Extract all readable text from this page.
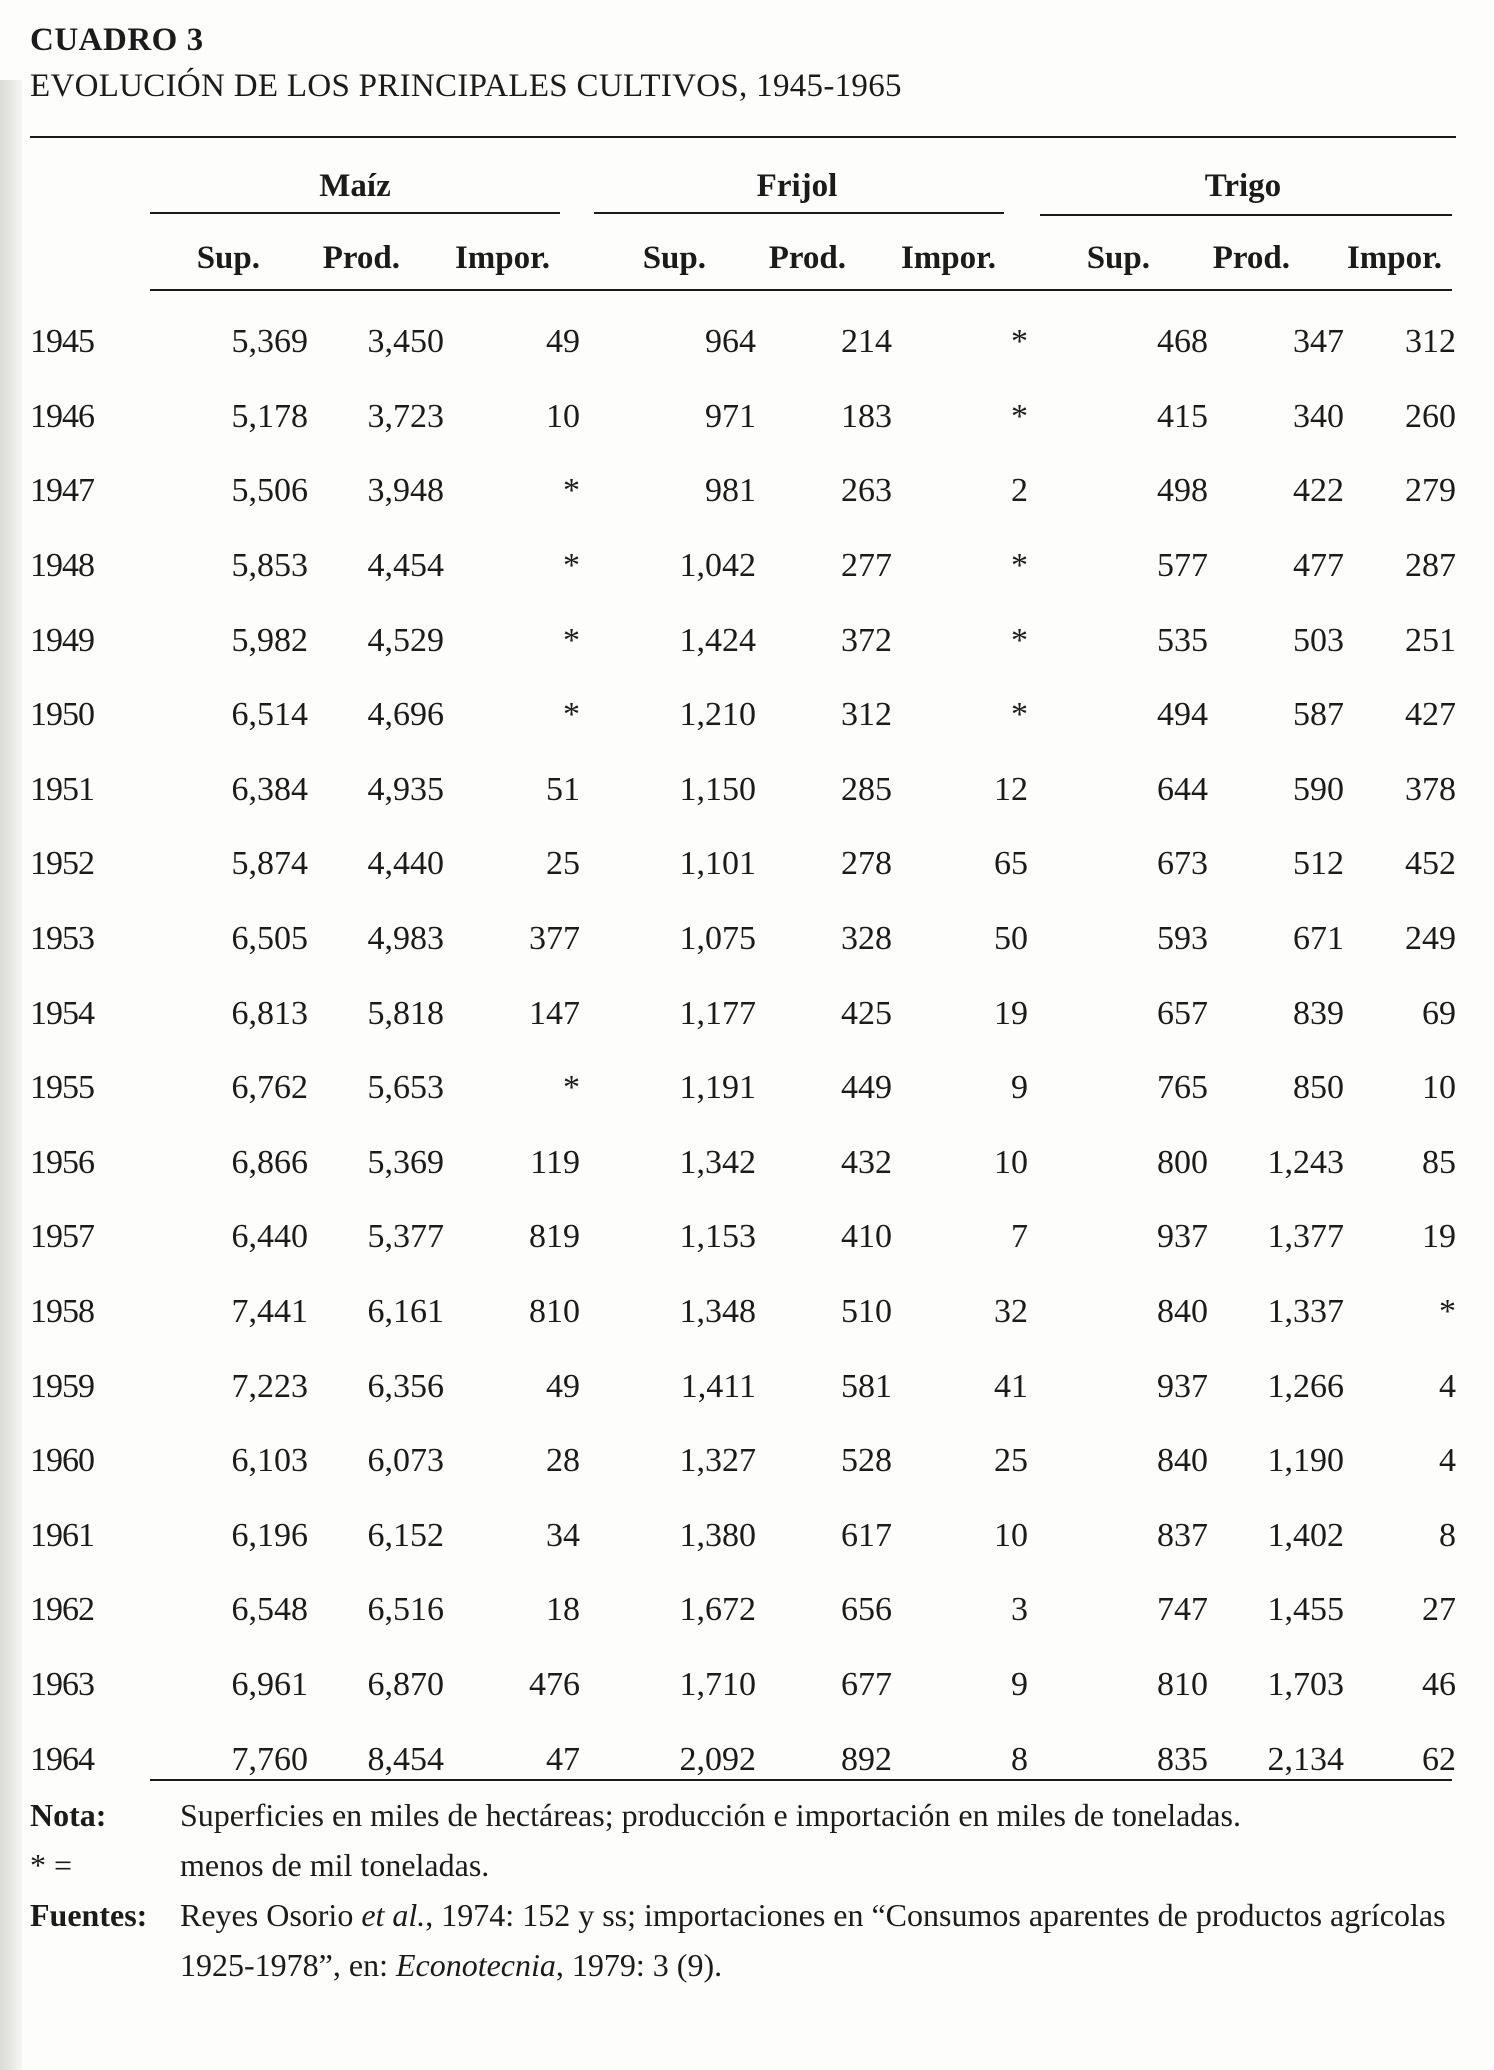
CUADRO 3
EVOLUCIÓN DE LOS PRINCIPALES CULTIVOS, 1945-1965
Maíz	Frijol	Trigo
Sup.	Prod.	Impor.	Sup.	Prod.	Impor.	Sup.	Prod.	Impor.
1945	5,369	3,450	49	964	214	*	468	347	312
1946	5,178	3,723	10	971	183	*	415	340	260
1947	5,506	3,948	*	981	263	2	498	422	279
1948	5,853	4,454	*	1,042	277	*	577	477	287
1949	5,982	4,529	*	1,424	372	*	535	503	251
1950	6,514	4,696	*	1,210	312	*	494	587	427
1951	6,384	4,935	51	1,150	285	12	644	590	378
1952	5,874	4,440	25	1,101	278	65	673	512	452
1953	6,505	4,983	377	1,075	328	50	593	671	249
1954	6,813	5,818	147	1,177	425	19	657	839	69
1955	6,762	5,653	*	1,191	449	9	765	850	10
1956	6,866	5,369	119	1,342	432	10	800	1,243	85
1957	6,440	5,377	819	1,153	410	7	937	1,377	19
1958	7,441	6,161	810	1,348	510	32	840	1,337	*
1959	7,223	6,356	49	1,411	581	41	937	1,266	4
1960	6,103	6,073	28	1,327	528	25	840	1,190	4
1961	6,196	6,152	34	1,380	617	10	837	1,402	8
1962	6,548	6,516	18	1,672	656	3	747	1,455	27
1963	6,961	6,870	476	1,710	677	9	810	1,703	46
1964	7,760	8,454	47	2,092	892	8	835	2,134	62
Nota:	Superficies en miles de hectáreas; producción e importación en miles de toneladas.
* =	menos de mil toneladas.
Fuentes:	Reyes Osorio et al., 1974: 152 y ss; importaciones en “Consumos aparentes de productos agrícolas 1925-1978”, en: Econotecnia, 1979: 3 (9).
